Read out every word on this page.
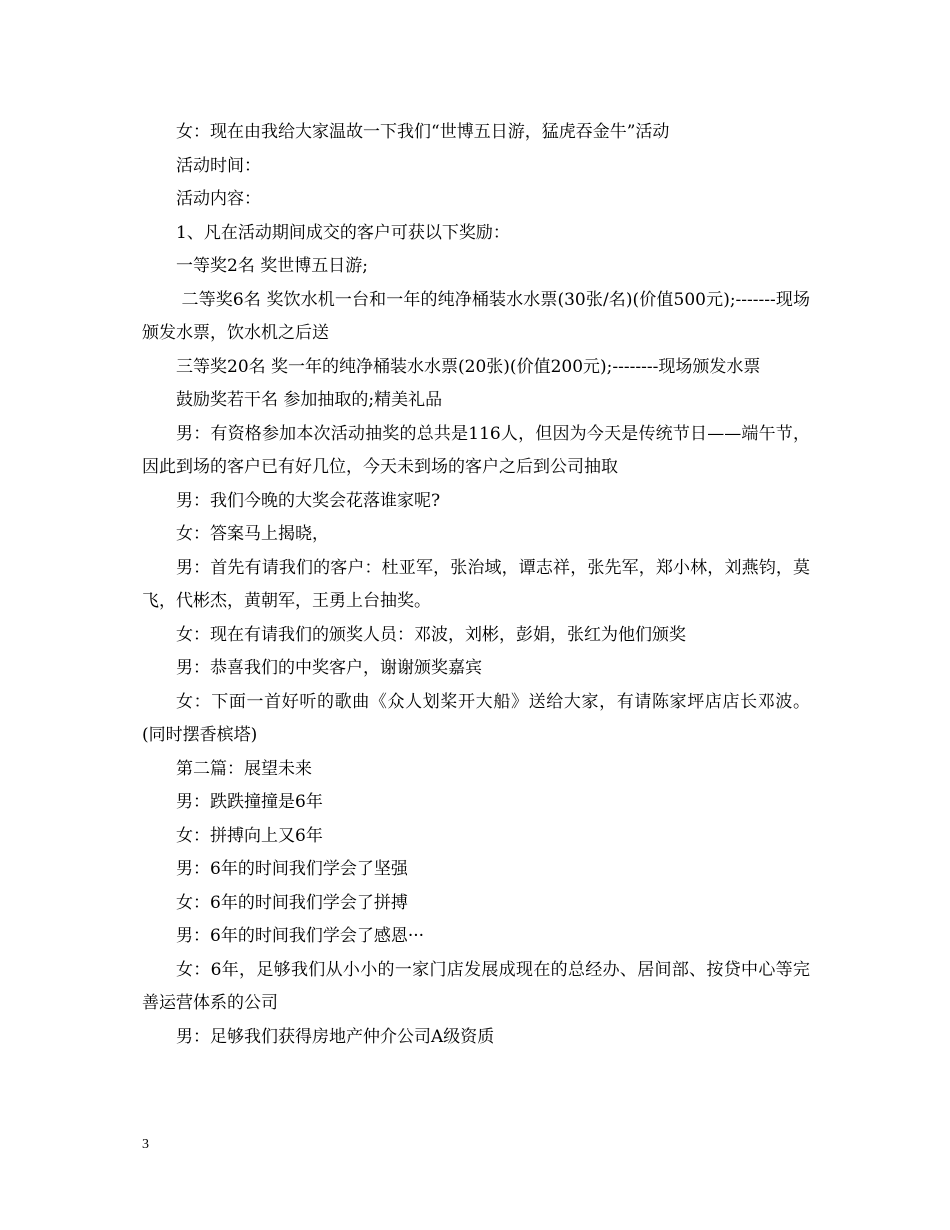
女：现在由我给大家温故一下我们“世博五日游，猛虎吞金牛”活动

活动时间：

活动内容：

1、凡在活动期间成交的客户可获以下奖励：

一等奖2名 奖世博五日游;

二等奖6名 奖饮水机一台和一年的纯净桶装水水票(30张/名)(价值500元);-------现场颁发水票，饮水机之后送

三等奖20名 奖一年的纯净桶装水水票(20张)(价值200元);--------现场颁发水票

鼓励奖若干名 参加抽取的;精美礼品

男：有资格参加本次活动抽奖的总共是116人，但因为今天是传统节日——端午节，因此到场的客户已有好几位，今天未到场的客户之后到公司抽取

男：我们今晚的大奖会花落谁家呢?

女：答案马上揭晓，

男：首先有请我们的客户：杜亚军，张治域，谭志祥，张先军，郑小林，刘燕钧，莫飞，代彬杰，黄朝军，王勇上台抽奖。

女：现在有请我们的颁奖人员：邓波，刘彬，彭娟，张红为他们颁奖

男：恭喜我们的中奖客户，谢谢颁奖嘉宾

女：下面一首好听的歌曲《众人划桨开大船》送给大家，有请陈家坪店店长邓波。(同时摆香槟塔)

第二篇：展望未来

男：跌跌撞撞是6年

女：拼搏向上又6年

男：6年的时间我们学会了坚强

女：6年的时间我们学会了拼搏

男：6年的时间我们学会了感恩···

女：6年，足够我们从小小的一家门店发展成现在的总经办、居间部、按贷中心等完善运营体系的公司

男：足够我们获得房地产仲介公司A级资质

3
